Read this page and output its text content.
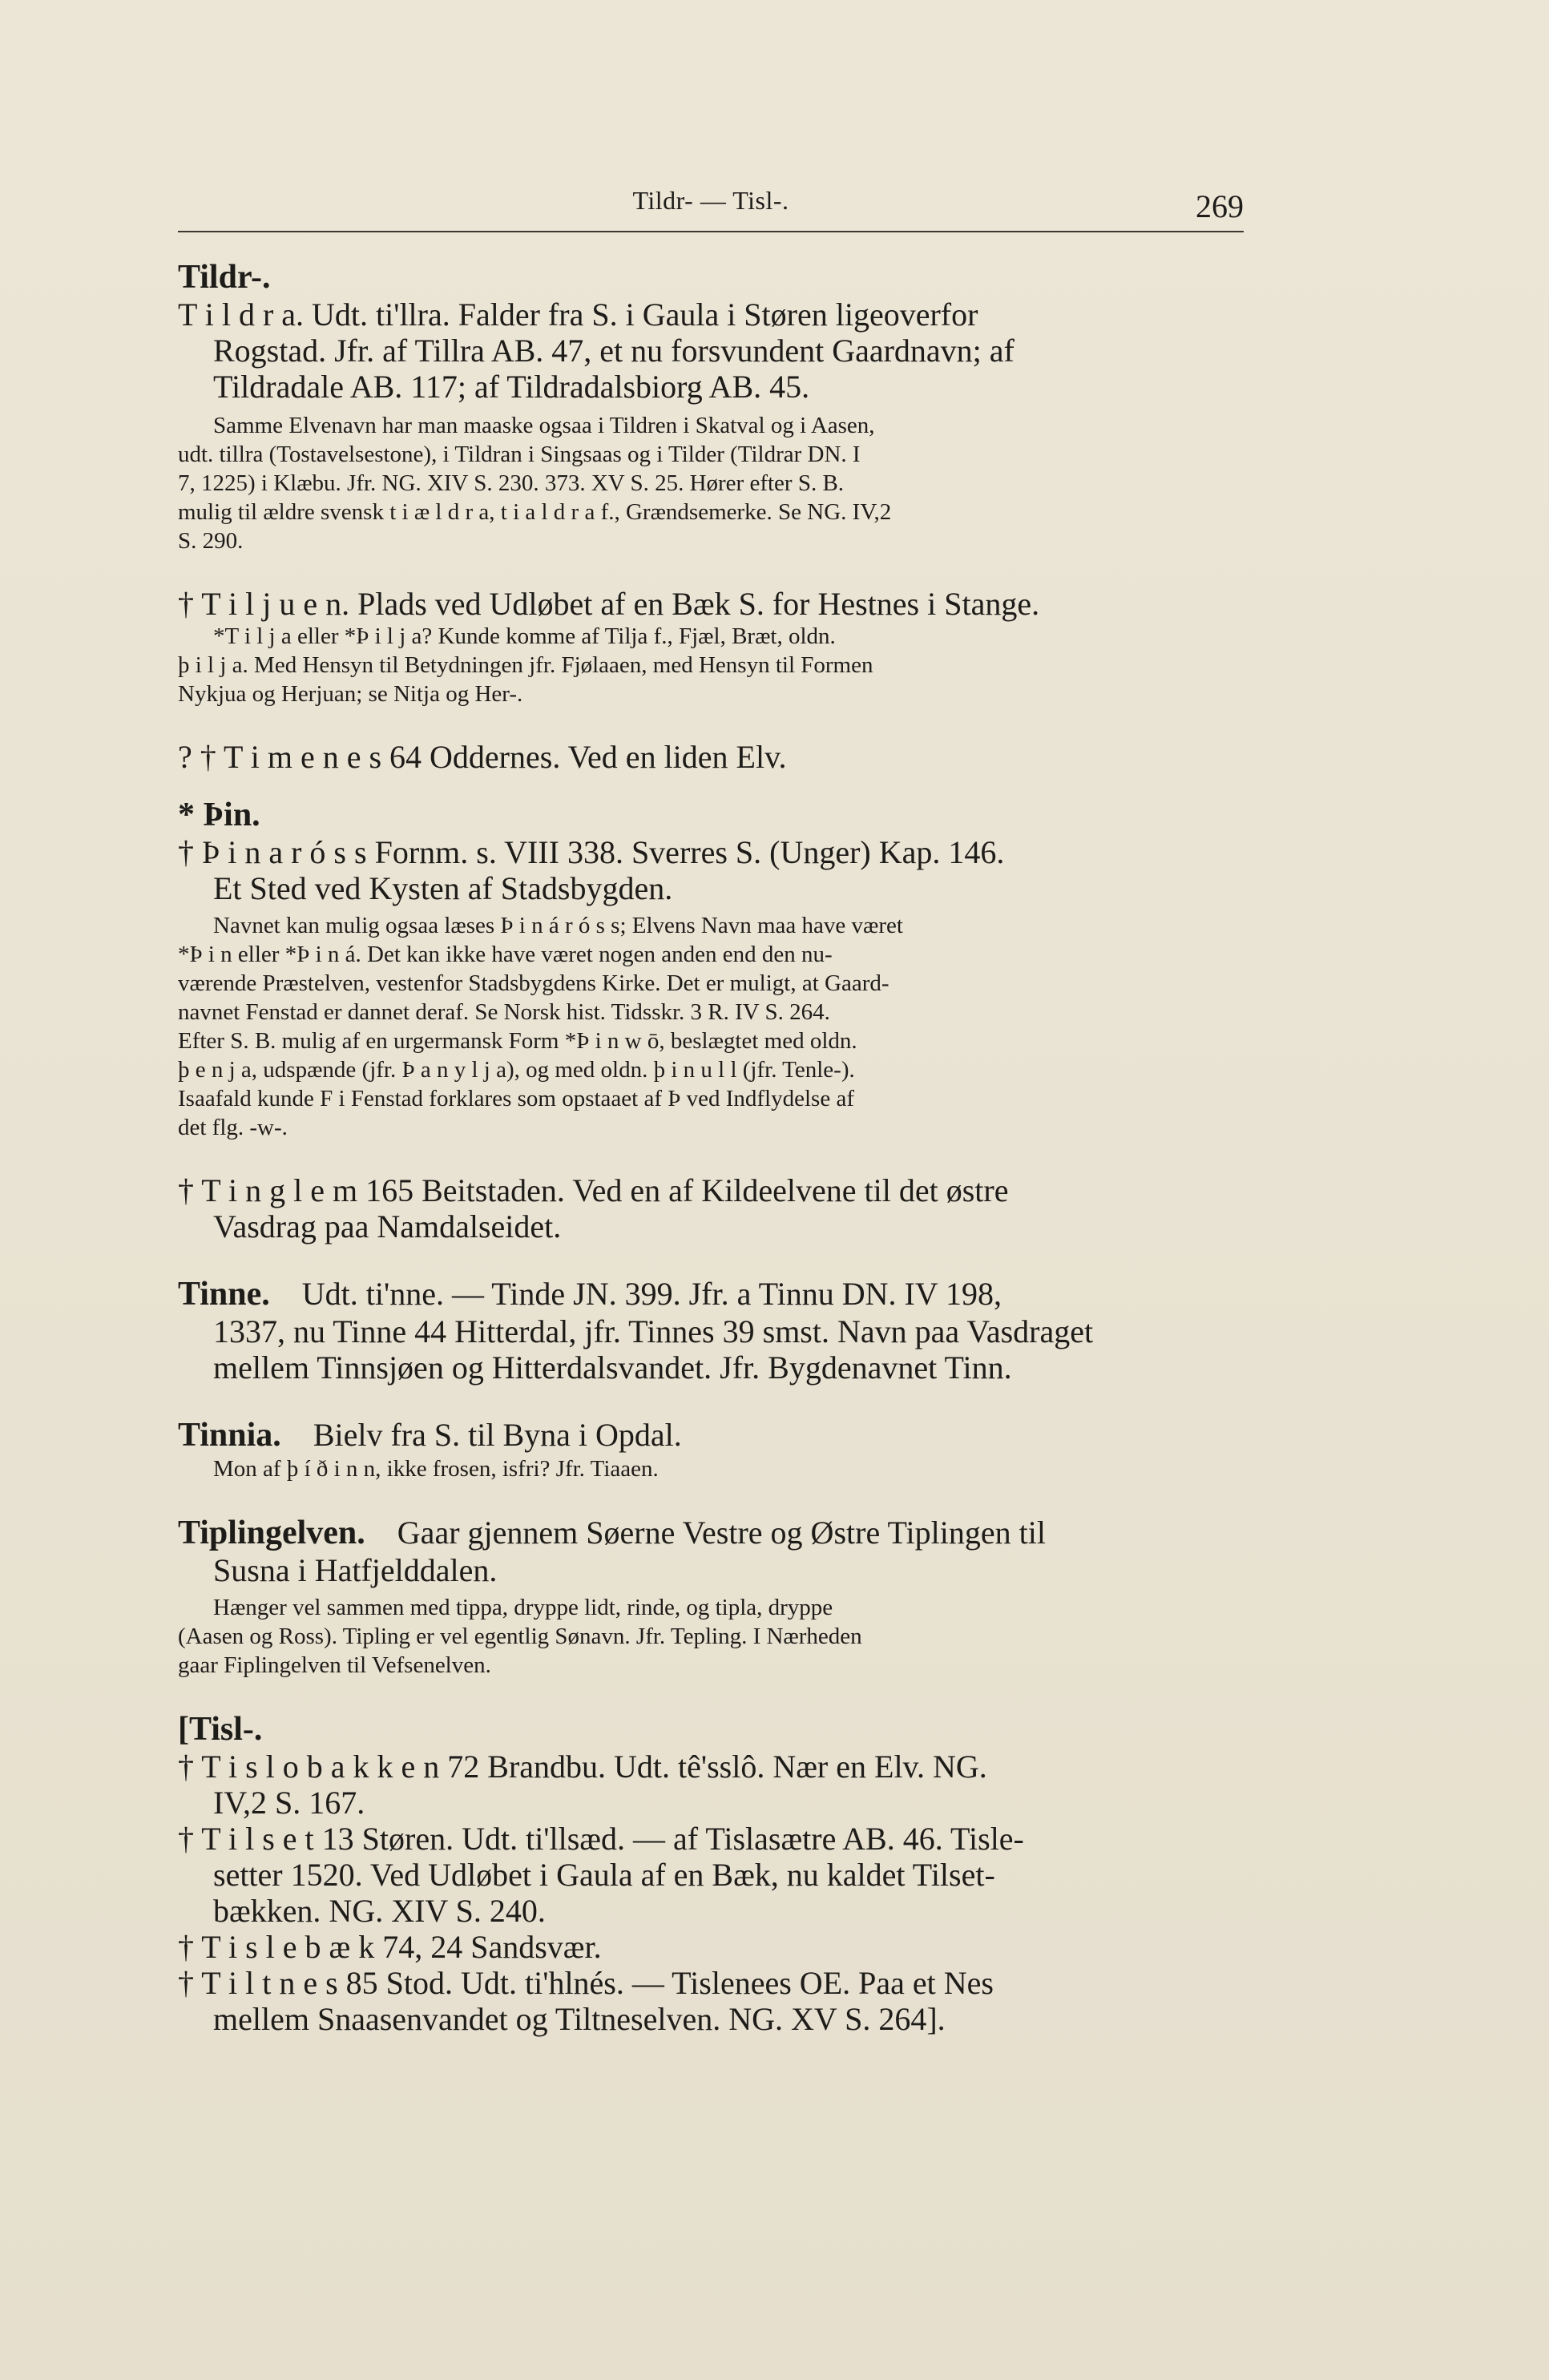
Tildr- — Tisl-.	269
Tildr-.
T i l d r a. Udt. ti'llra. Falder fra S. i Gaula i Støren ligeoverfor
Rogstad. Jfr. af Tillra AB. 47, et nu forsvundent Gaardnavn; af
Tildradale AB. 117; af Tildradalsbiorg AB. 45.
Samme Elvenavn har man maaske ogsaa i Tildren i Skatval og i Aasen,
udt. tillra (Tostavelsestone), i Tildran i Singsaas og i Tilder (Tildrar DN. I
7, 1225) i Klæbu. Jfr. NG. XIV S. 230. 373. XV S. 25. Hører efter S. B.
mulig til ældre svensk t i æ l d r a, t i a l d r a f., Grændsemerke. Se NG. IV,2
S. 290.
† T i l j u e n. Plads ved Udløbet af en Bæk S. for Hestnes i Stange.
*T i l j a eller *Þ i l j a? Kunde komme af Tilja f., Fjæl, Bræt, oldn.
þ i l j a. Med Hensyn til Betydningen jfr. Fjølaaen, med Hensyn til Formen
Nykjua og Herjuan; se Nitja og Her-.
? † T i m e n e s 64 Oddernes. Ved en liden Elv.
* Þin.
† Þ i n a r ó s s Fornm. s. VIII 338. Sverres S. (Unger) Kap. 146.
Et Sted ved Kysten af Stadsbygden.
Navnet kan mulig ogsaa læses Þ i n á r ó s s; Elvens Navn maa have været
*Þ i n eller *Þ i n á. Det kan ikke have været nogen anden end den nu-
værende Præstelven, vestenfor Stadsbygdens Kirke. Det er muligt, at Gaard-
navnet Fenstad er dannet deraf. Se Norsk hist. Tidsskr. 3 R. IV S. 264.
Efter S. B. mulig af en urgermansk Form *Þ i n w ō, beslægtet med oldn.
þ e n j a, udspænde (jfr. Þ a n y l j a), og med oldn. þ i n u l l (jfr. Tenle-).
Isaafald kunde F i Fenstad forklares som opstaaet af Þ ved Indflydelse af
det flg. -w-.
† T i n g l e m 165 Beitstaden. Ved en af Kildeelvene til det østre
Vasdrag paa Namdalseidet.
Tinne. Udt. ti'nne. — Tinde JN. 399. Jfr. a Tinnu DN. IV 198,
1337, nu Tinne 44 Hitterdal, jfr. Tinnes 39 smst. Navn paa Vasdraget
mellem Tinnsjøen og Hitterdalsvandet. Jfr. Bygdenavnet Tinn.
Tinnia. Bielv fra S. til Byna i Opdal.
Mon af þ í ð i n n, ikke frosen, isfri? Jfr. Tiaaen.
Tiplingelven. Gaar gjennem Søerne Vestre og Østre Tiplingen til
Susna i Hatfjelddalen.
Hænger vel sammen med tippa, dryppe lidt, rinde, og tipla, dryppe
(Aasen og Ross). Tipling er vel egentlig Sønavn. Jfr. Tepling. I Nærheden
gaar Fiplingelven til Vefsenelven.
[Tisl-.
† T i s l o b a k k e n 72 Brandbu. Udt. tê'sslô. Nær en Elv. NG.
IV,2 S. 167.
† T i l s e t 13 Støren. Udt. ti'llsæd. — af Tislasætre AB. 46. Tisle-
setter 1520. Ved Udløbet i Gaula af en Bæk, nu kaldet Tilset-
bækken. NG. XIV S. 240.
† T i s l e b æ k 74, 24 Sandsvær.
† T i l t n e s 85 Stod. Udt. ti'hlnés. — Tislenees OE. Paa et Nes
mellem Snaasenvandet og Tiltneselven. NG. XV S. 264].
